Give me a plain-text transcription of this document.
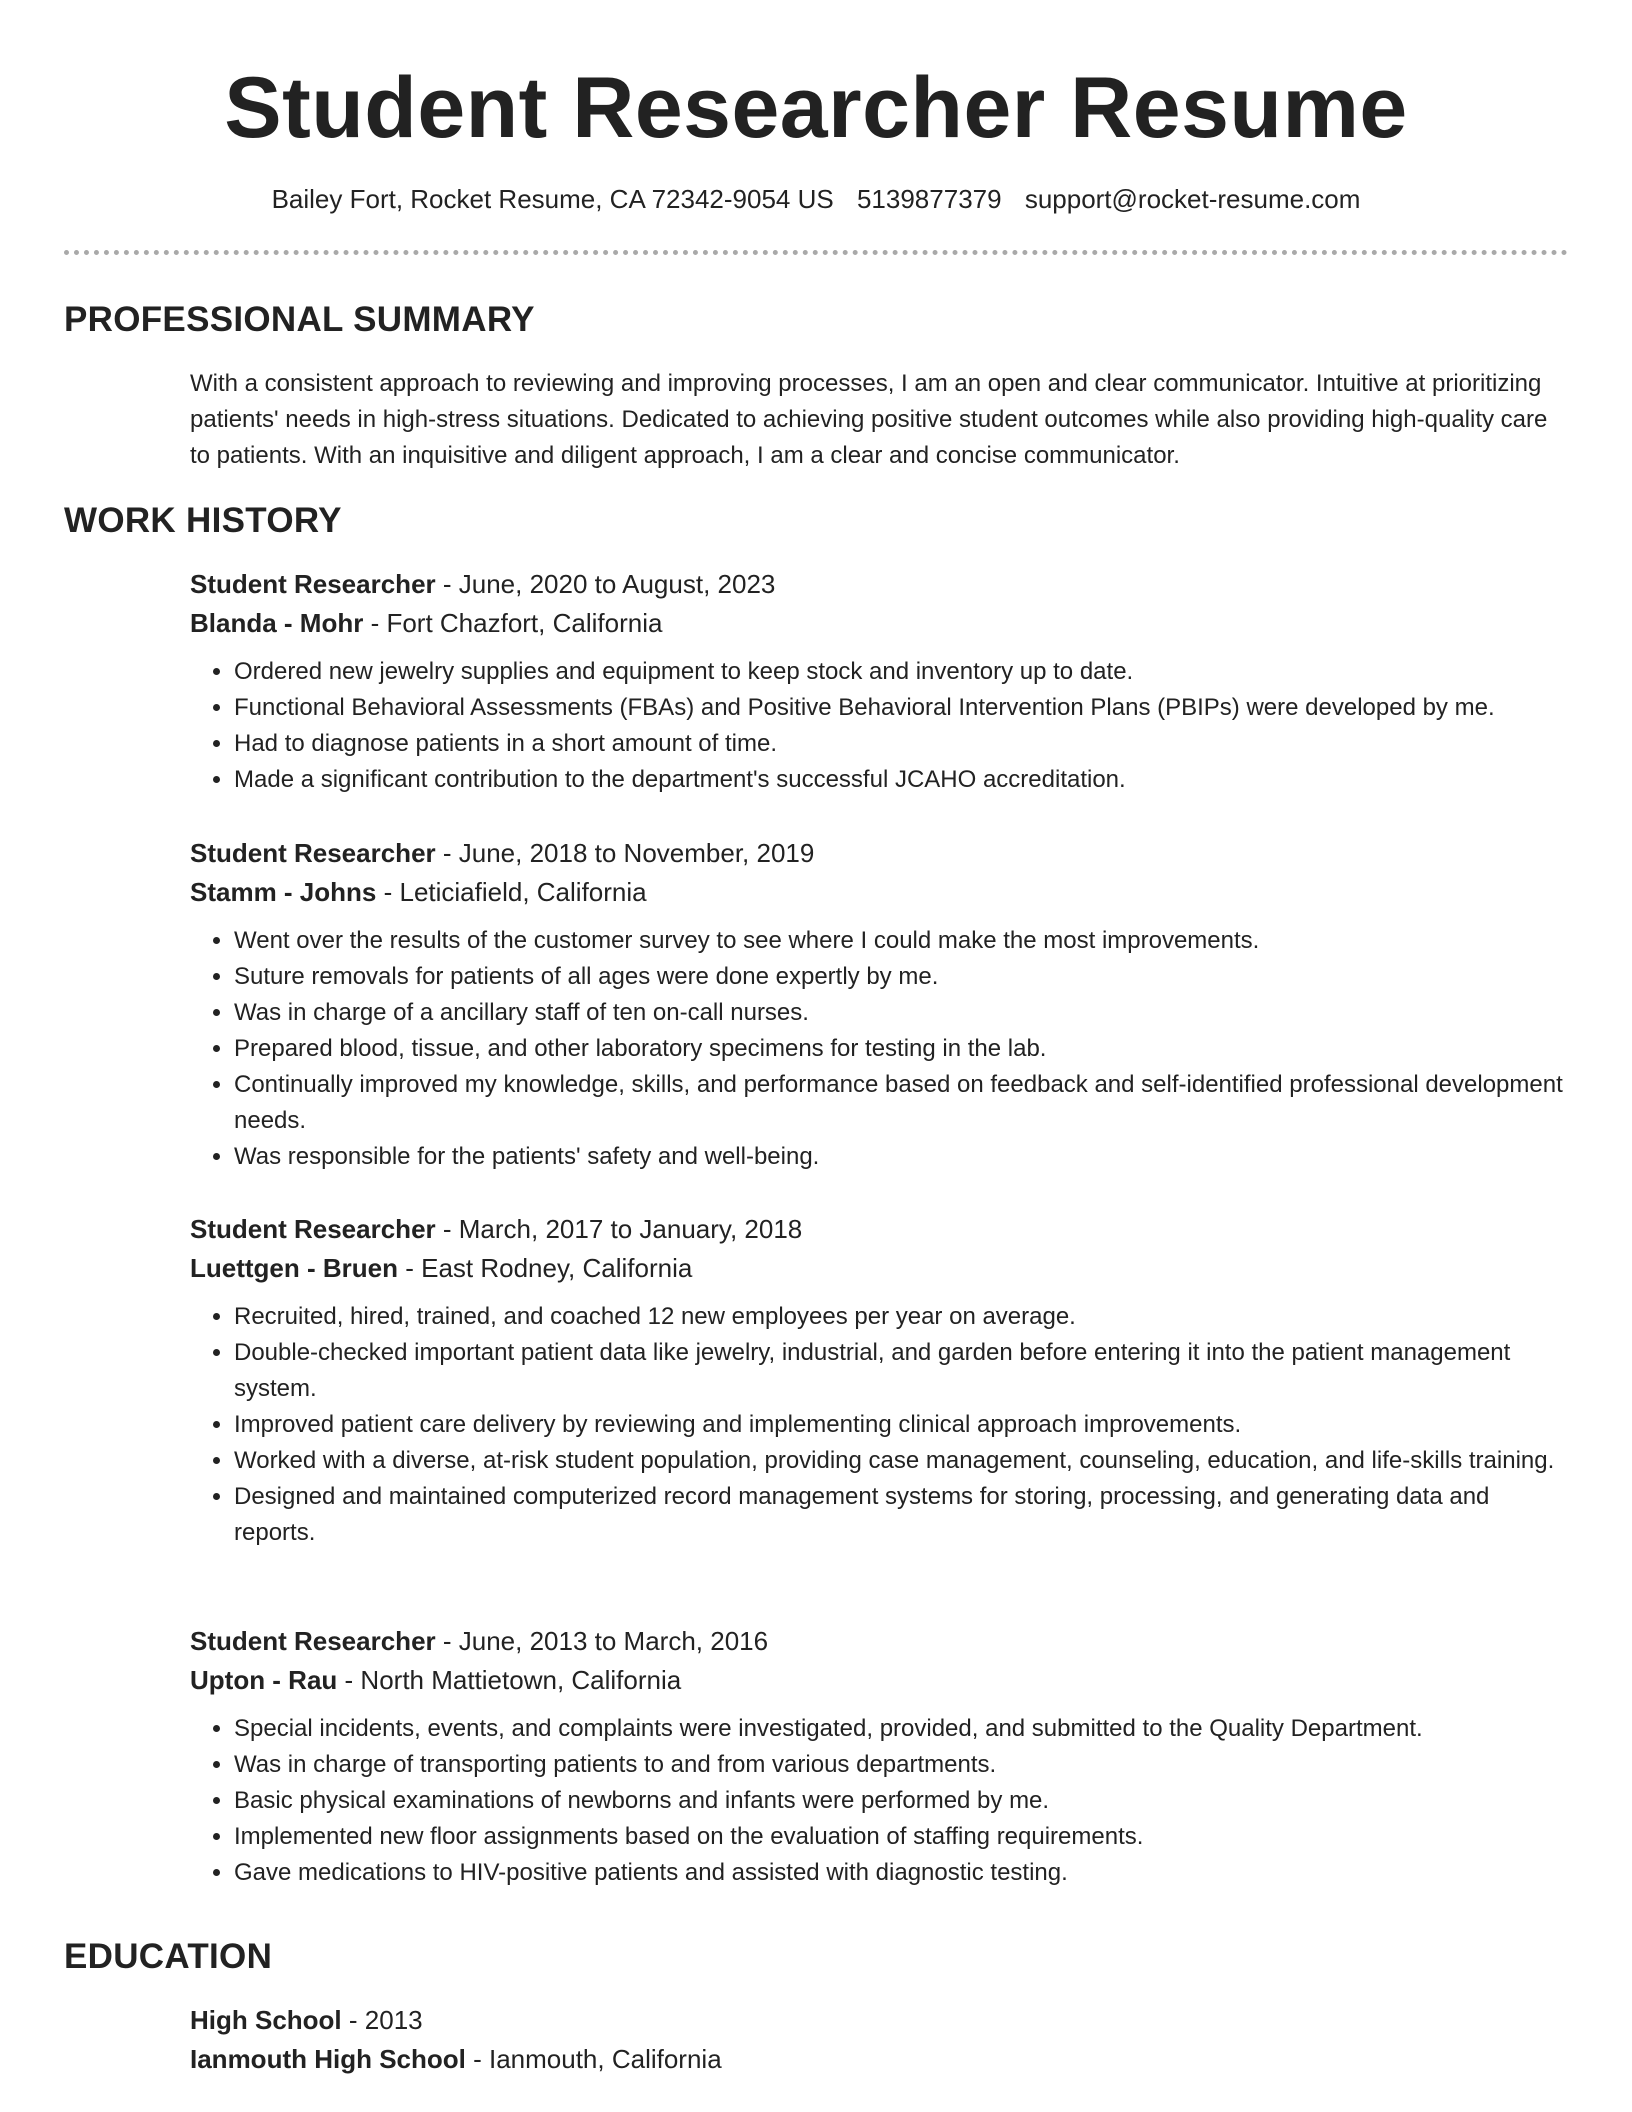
Student Researcher Resume
Bailey Fort, Rocket Resume, CA 72342-9054 US 5139877379 support@rocket-resume.com
PROFESSIONAL SUMMARY
With a consistent approach to reviewing and improving processes, I am an open and clear communicator. Intuitive at prioritizing patients' needs in high-stress situations. Dedicated to achieving positive student outcomes while also providing high-quality care to patients. With an inquisitive and diligent approach, I am a clear and concise communicator.
WORK HISTORY
Student Researcher - June, 2020 to August, 2023
Blanda - Mohr - Fort Chazfort, California
• Ordered new jewelry supplies and equipment to keep stock and inventory up to date.
• Functional Behavioral Assessments (FBAs) and Positive Behavioral Intervention Plans (PBIPs) were developed by me.
• Had to diagnose patients in a short amount of time.
• Made a significant contribution to the department's successful JCAHO accreditation.
Student Researcher - June, 2018 to November, 2019
Stamm - Johns - Leticiafield, California
• Went over the results of the customer survey to see where I could make the most improvements.
• Suture removals for patients of all ages were done expertly by me.
• Was in charge of a ancillary staff of ten on-call nurses.
• Prepared blood, tissue, and other laboratory specimens for testing in the lab.
• Continually improved my knowledge, skills, and performance based on feedback and self-identified professional development needs.
• Was responsible for the patients' safety and well-being.
Student Researcher - March, 2017 to January, 2018
Luettgen - Bruen - East Rodney, California
• Recruited, hired, trained, and coached 12 new employees per year on average.
• Double-checked important patient data like jewelry, industrial, and garden before entering it into the patient management system.
• Improved patient care delivery by reviewing and implementing clinical approach improvements.
• Worked with a diverse, at-risk student population, providing case management, counseling, education, and life-skills training.
• Designed and maintained computerized record management systems for storing, processing, and generating data and reports.
Student Researcher - June, 2013 to March, 2016
Upton - Rau - North Mattietown, California
• Special incidents, events, and complaints were investigated, provided, and submitted to the Quality Department.
• Was in charge of transporting patients to and from various departments.
• Basic physical examinations of newborns and infants were performed by me.
• Implemented new floor assignments based on the evaluation of staffing requirements.
• Gave medications to HIV-positive patients and assisted with diagnostic testing.
EDUCATION
High School - 2013
Ianmouth High School - Ianmouth, California
